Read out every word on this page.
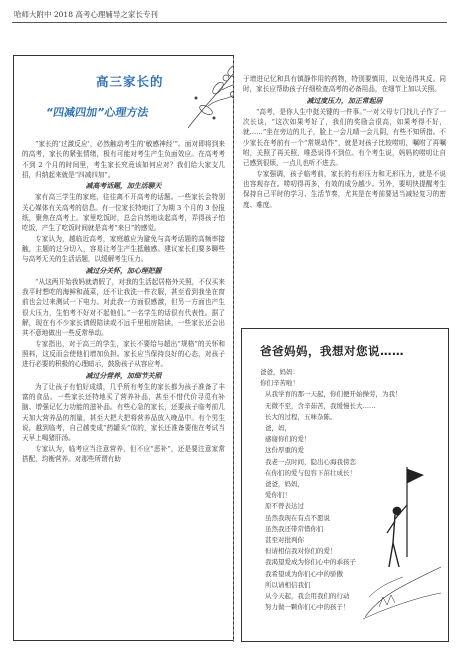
哈师大附中 2018 高考心理辅导之家长专刊
高三家长的
“四减四加”心理方法

“家长的‘过激反应’，必然触动考生的‘敏感神经’”。面对即将到来的高考，家长的紧张情绪，极有可能对考生产生负面效应。在高考考不到 2 个月的时间里，考生家长究竟该如何应对？我们给大家支几招，归纳起来就是“四减四加”。

减高考话题，加生活聊天

家有高三学生的家庭，往往离不开高考的话题。一些家长会特别关心媒体有关高考的信息。有一位家长特地订了为期 3 个月的 3 份报纸，聚焦在高考上。家里吃饭时，总会自然地谈起高考，弄得孩子怕吃饭，产生了吃饭时间就是高考“来日”的感觉。

专家认为，越临近高考，家庭越应为避免与高考话题的高频率接触，主题的过分切入，容易让考生产生抵触感。建议家长们要多聊些与高考无关的生活话题，以缓解考生压力。

减过分关怀，加心理把握

“从这两开始我妈就请假了，对我的生活起居格外关照，不仅买来我平时想吃的海鲜和蔬菜，还不让我洗一件衣服，甚至看到我坐在窗前也会过来测试一下电力。对此我一方面很感激，但另一方面也产生很大压力，生怕考不好对不起他们。”一名学生的话很有代表性。据了解，现在有不少家长请假陪读或不远千里租房陪读，一些家长还会出其不意地做出一些反常举动。

专家指出，对于高三的学生，家长不要给与超出“规格”的关怀和照料，这反而会使他们增加负担。家长应当保持良好的心态，对孩子进行必要的积极的心理暗示，鼓励孩子从容应考。

减过分营养，加细节关照

为了让孩子有怕好成绩，几乎所有考生的家长都为孩子准备了丰富的食品。一些家长还特地买了营养补品，甚至不惜代价寻觅有补脑、增强记忆力功能的滋补品。有些心急的家长，还要孩子临考前几天加大营养品的剂量，甚至大把大把将营养品放入晚品中。有个男生说，越到临考，自己越变成“药罐头”似的，家长还准备要他在考试当天早上喝猪肝汤。

专家认为，临考应当注意营养，但不应“恶补”，还是要注意家常搭配，均衡营养。对那些所谓有助

于增进记忆和具有镇静作用的药物，特别要慎用，以免适得其反。同时，家长应帮助孩子仔细检查高考的必备用品，在细节上加以关照。

减过度压力，加正常起居

“高考，是你人生中挺关键的一件事。”一对父母专门找儿子作了一次长谈，“这次如果考好了，我们的奖励会很高，如果考得不好，就……”坐在旁边的儿子，脸上一会儿晴一会儿阴，有些不知所措。不少家长在考前有一个“常规动作”，就是对孩子比较唠叨，嘱咐了再嘱咐，关照了再关照，唯恐说得不到位。有个考生说，妈妈的唠叨让自己感到很烦，一点儿也听不进去。

专家强调，孩子临考前，家长的有形压力和无形压力，就是不说也容观存在。唠叨得再多，有效的成分越少。另外，要明快提醒考生保持自己平时的学习、生活节奏，尤其是在考前要适当减轻复习的密度、难度。

爸爸妈妈，我想对您说……
爸爸，妈妈：
你们辛苦啦！
从我学育的那一天起，你们便开始操劳，为我！
无微不至，含辛茹苦，我缓慢长大……
长大的过程，五味杂陈。
爸，妈，
感谢你们的爱！
这份厚重的爱
我老一点时间，隐出心海我傍恋
在你们的爱与包容下茁壮成长！
爸爸，妈妈，
爱你们！
原不曾表达过
虽然我现在有点不愿说
虽然我还带常惜你们
甚至对批判你
但请相信我对你们的爱！
我渴望爱成为你们心中的乖孩子
我希望成为你们心中的骄傲
所以请相信我们
从今天起，我会用我们的行动
努力做一颗你们心中的孩子！
